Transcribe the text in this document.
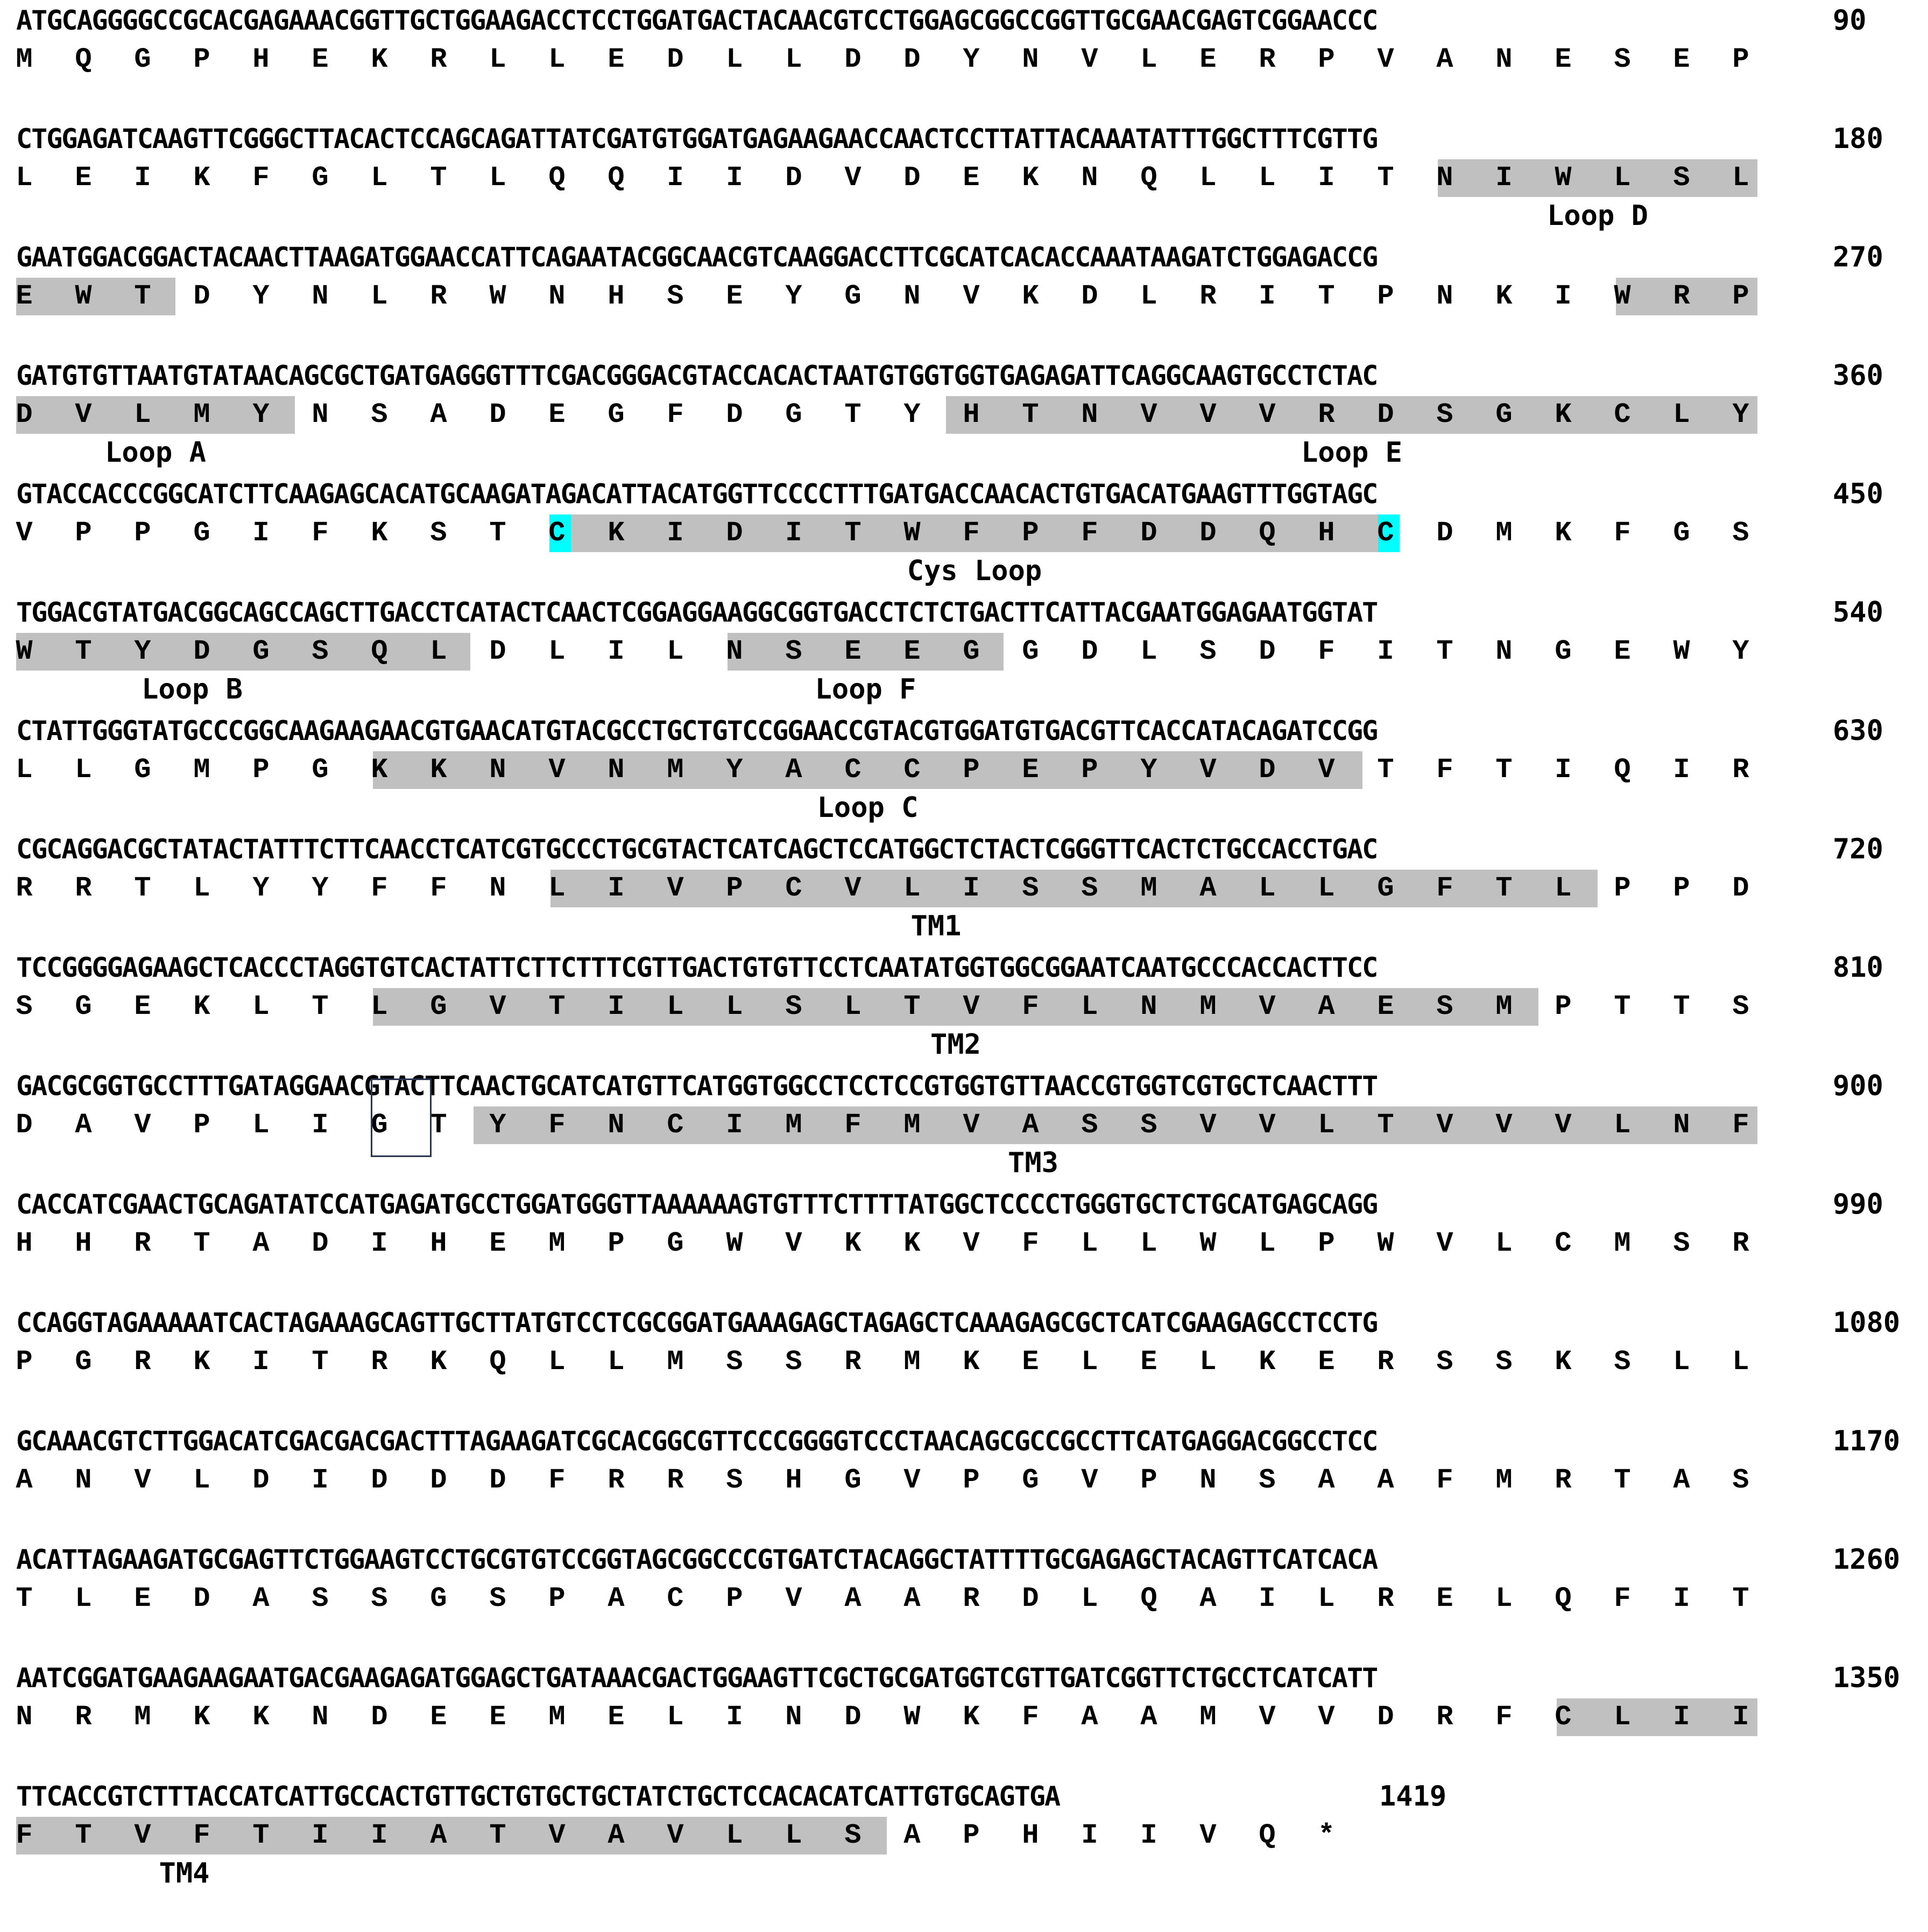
ATGCAGGGGCCGCACGAGAAACGGTTGCTGGAAGACCTCCTGGATGACTACAACGTCCTGGAGCGGCCGGTTGCGAACGAGTCGGAACCC	90
M	Q	G	P	H	E	K	R	L	L	E	D	L	L	D	D	Y	N	V	L	E	R	P	V	A	N	E	S	E	P
CTGGAGATCAAGTTCGGGCTTACACTCCAGCAGATTATCGATGTGGATGAGAAGAACCAACTCCTTATTACAAATATTTGGCTTTCGTTG	180
Loop D
L	E	I	K	F	G	L	T	L	Q	Q	I	I	D	V	D	E	K	N	Q	L	L	I	T	N	I	W	L	S	L
GAATGGACGGACTACAACTTAAGATGGAACCATTCAGAATACGGCAACGTCAAGGACCTTCGCATCACACCAAATAAGATCTGGAGACCG	270
E	W	T	D	Y	N	L	R	W	N	H	S	E	Y	G	N	V	K	D	L	R	I	T	P	N	K	I	W	R	P
GATGTGTTAATGTATAACAGCGCTGATGAGGGTTTCGACGGGACGTACCACACTAATGTGGTGGTGAGAGATTCAGGCAAGTGCCTCTAC	360
Loop A	Loop E
D	V	L	M	Y	N	S	A	D	E	G	F	D	G	T	Y	H	T	N	V	V	V	R	D	S	G	K	C	L	Y
GTACCACCCGGCATCTTCAAGAGCACATGCAAGATAGACATTACATGGTTCCCCTTTGATGACCAACACTGTGACATGAAGTTTGGTAGC	450
Cys Loop
V	P	P	G	I	F	K	S	T	C	K	I	D	I	T	W	F	P	F	D	D	Q	H	C	D	M	K	F	G	S
TGGACGTATGACGGCAGCCAGCTTGACCTCATACTCAACTCGGAGGAAGGCGGTGACCTCTCTGACTTCATTACGAATGGAGAATGGTAT	540
Loop B	Loop F
W	T	Y	D	G	S	Q	L	D	L	I	L	N	S	E	E	G	G	D	L	S	D	F	I	T	N	G	E	W	Y
CTATTGGGTATGCCCGGCAAGAAGAACGTGAACATGTACGCCTGCTGTCCGGAACCGTACGTGGATGTGACGTTCACCATACAGATCCGG	630
Loop C
L	L	G	M	P	G	K	K	N	V	N	M	Y	A	C	C	P	E	P	Y	V	D	V	T	F	T	I	Q	I	R
CGCAGGACGCTATACTATTTCTTCAACCTCATCGTGCCCTGCGTACTCATCAGCTCCATGGCTCTACTCGGGTTCACTCTGCCACCTGAC	720
TM1
R	R	T	L	Y	Y	F	F	N	L	I	V	P	C	V	L	I	S	S	M	A	L	L	G	F	T	L	P	P	D
TCCGGGGAGAAGCTCACCCTAGGTGTCACTATTCTTCTTTCGTTGACTGTGTTCCTCAATATGGTGGCGGAATCAATGCCCACCACTTCC	810
TM2
S	G	E	K	L	T	L	G	V	T	I	L	L	S	L	T	V	F	L	N	M	V	A	E	S	M	P	T	T	S
GACGCGGTGCCTTTGATAGGAACGTACTTCAACTGCATCATGTTCATGGTGGCCTCCTCCGTGGTGTTAACCGTGGTCGTGCTCAACTTT	900
TM3
D	A	V	P	L	I	G	T	Y	F	N	C	I	M	F	M	V	A	S	S	V	V	L	T	V	V	V	L	N	F
CACCATCGAACTGCAGATATCCATGAGATGCCTGGATGGGTTAAAAAAGTGTTTCTTTTATGGCTCCCCTGGGTGCTCTGCATGAGCAGG	990
H	H	R	T	A	D	I	H	E	M	P	G	W	V	K	K	V	F	L	L	W	L	P	W	V	L	C	M	S	R
CCAGGTAGAAAAATCACTAGAAAGCAGTTGCTTATGTCCTCGCGGATGAAAGAGCTAGAGCTCAAAGAGCGCTCATCGAAGAGCCTCCTG	1080
P	G	R	K	I	T	R	K	Q	L	L	M	S	S	R	M	K	E	L	E	L	K	E	R	S	S	K	S	L	L
GCAAACGTCTTGGACATCGACGACGACTTTAGAAGATCGCACGGCGTTCCCGGGGTCCCTAACAGCGCCGCCTTCATGAGGACGGCCTCC	1170
A	N	V	L	D	I	D	D	D	F	R	R	S	H	G	V	P	G	V	P	N	S	A	A	F	M	R	T	A	S
ACATTAGAAGATGCGAGTTCTGGAAGTCCTGCGTGTCCGGTAGCGGCCCGTGATCTACAGGCTATTTTGCGAGAGCTACAGTTCATCACA	1260
T	L	E	D	A	S	S	G	S	P	A	C	P	V	A	A	R	D	L	Q	A	I	L	R	E	L	Q	F	I	T
AATCGGATGAAGAAGAATGACGAAGAGATGGAGCTGATAAACGACTGGAAGTTCGCTGCGATGGTCGTTGATCGGTTCTGCCTCATCATT	1350
N	R	M	K	K	N	D	E	E	M	E	L	I	N	D	W	K	F	A	A	M	V	V	D	R	F	C	L	I	I
TTCACCGTCTTTACCATCATTGCCACTGTTGCTGTGCTGCTATCTGCTCCACACATCATTGTGCAGTGA	1419
TM4
F	T	V	F	T	I	I	A	T	V	A	V	L	L	S	A	P	H	I	I	V	Q	*
